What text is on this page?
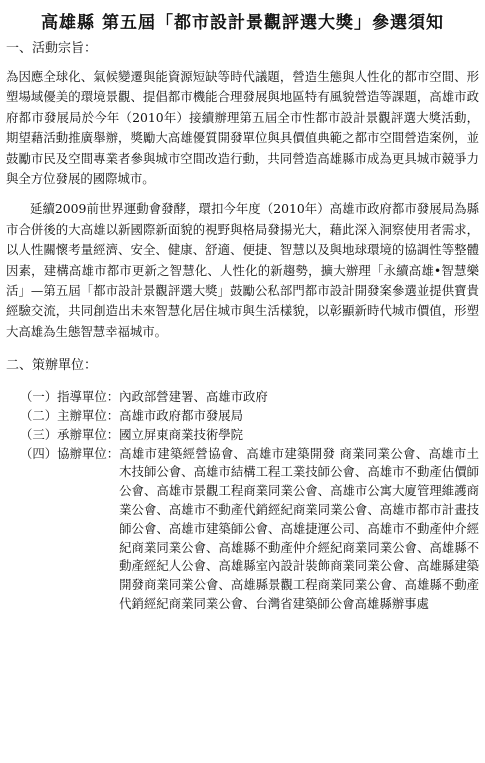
高雄縣 第五屆「都市設計景觀評選大獎」參選須知
一、活動宗旨：

為因應全球化、氣候變遷與能資源短缺等時代議題，營造生態與人性化的都市空間、形塑場域優美的環境景觀、提倡都市機能合理發展與地區特有風貌營造等課題，高雄市政府都市發展局於今年（2010年）接續辦理第五屆全市性都市設計景觀評選大獎活動，期望藉活動推廣舉辦，獎勵大高雄優質開發單位與具價值典範之都市空間營造案例，並鼓勵市民及空間專業者參與城市空間改造行動，共同營造高雄縣市成為更具城市競爭力與全方位發展的國際城市。

延續2009前世界運動會發酵，環扣今年度（2010年）高雄市政府都市發展局為縣市合併後的大高雄以新國際新面貌的視野與格局發揚光大，藉此深入洞察使用者需求，以人性關懷考量經濟、安全、健康、舒適、便捷、智慧以及與地球環境的協調性等整體因素，建構高雄市都市更新之智慧化、人性化的新趨勢，擴大辦理「永續高雄•智慧樂活」—第五屆「都市設計景觀評選大獎」鼓勵公私部門都市設計開發案參選並提供寶貴經驗交流，共同創造出未來智慧化居住城市與生活樣貌，以彰顯新時代城市價值，形塑大高雄為生態智慧幸福城市。

二、策辦單位：
（一）指導單位： 內政部營建署、高雄市政府
（二）主辦單位： 高雄市政府都市發展局
（三）承辦單位： 國立屏東商業技術學院
（四）協辦單位： 高雄市建築經營協會、高雄市建築開發 商業同業公會、高雄市土木技師公會、高雄市結構工程工業技師公會、高雄市不動產估價師公會、高雄市景觀工程商業同業公會、高雄市公寓大廈管理維護商業公會、高雄市不動產代銷經紀商業同業公會、高雄市都市計畫技師公會、高雄市建築師公會、高雄捷運公司、高雄市不動產仲介經紀商業同業公會、高雄縣不動產仲介經紀商業同業公會、高雄縣不動產經紀人公會、高雄縣室內設計裝飾商業同業公會、高雄縣建築開發商業同業公會、高雄縣景觀工程商業同業公會、高雄縣不動產代銷經紀商業同業公會、台灣省建築師公會高雄縣辦事處
